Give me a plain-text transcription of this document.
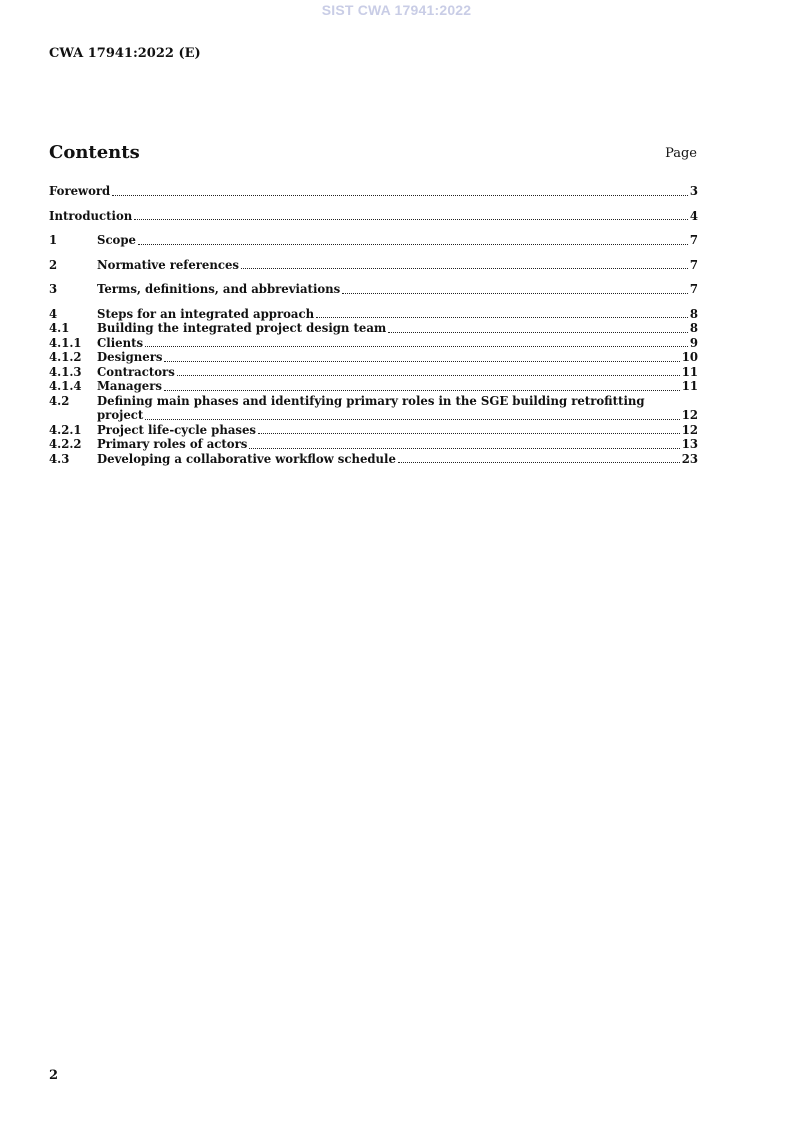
SIST CWA 17941:2022
CWA 17941:2022 (E)
Contents	Page
Foreword	3
Introduction	4
1	Scope	7
2	Normative references	7
3	Terms, definitions, and abbreviations	7
4	Steps for an integrated approach	8
4.1	Building the integrated project design team	8
4.1.1	Clients	9
4.1.2	Designers	10
4.1.3	Contractors	11
4.1.4	Managers	11
4.2	Defining main phases and identifying primary roles in the SGE building retrofitting
project	12
4.2.1	Project life-cycle phases	12
4.2.2	Primary roles of actors	13
4.3	Developing a collaborative workflow schedule	23
2
